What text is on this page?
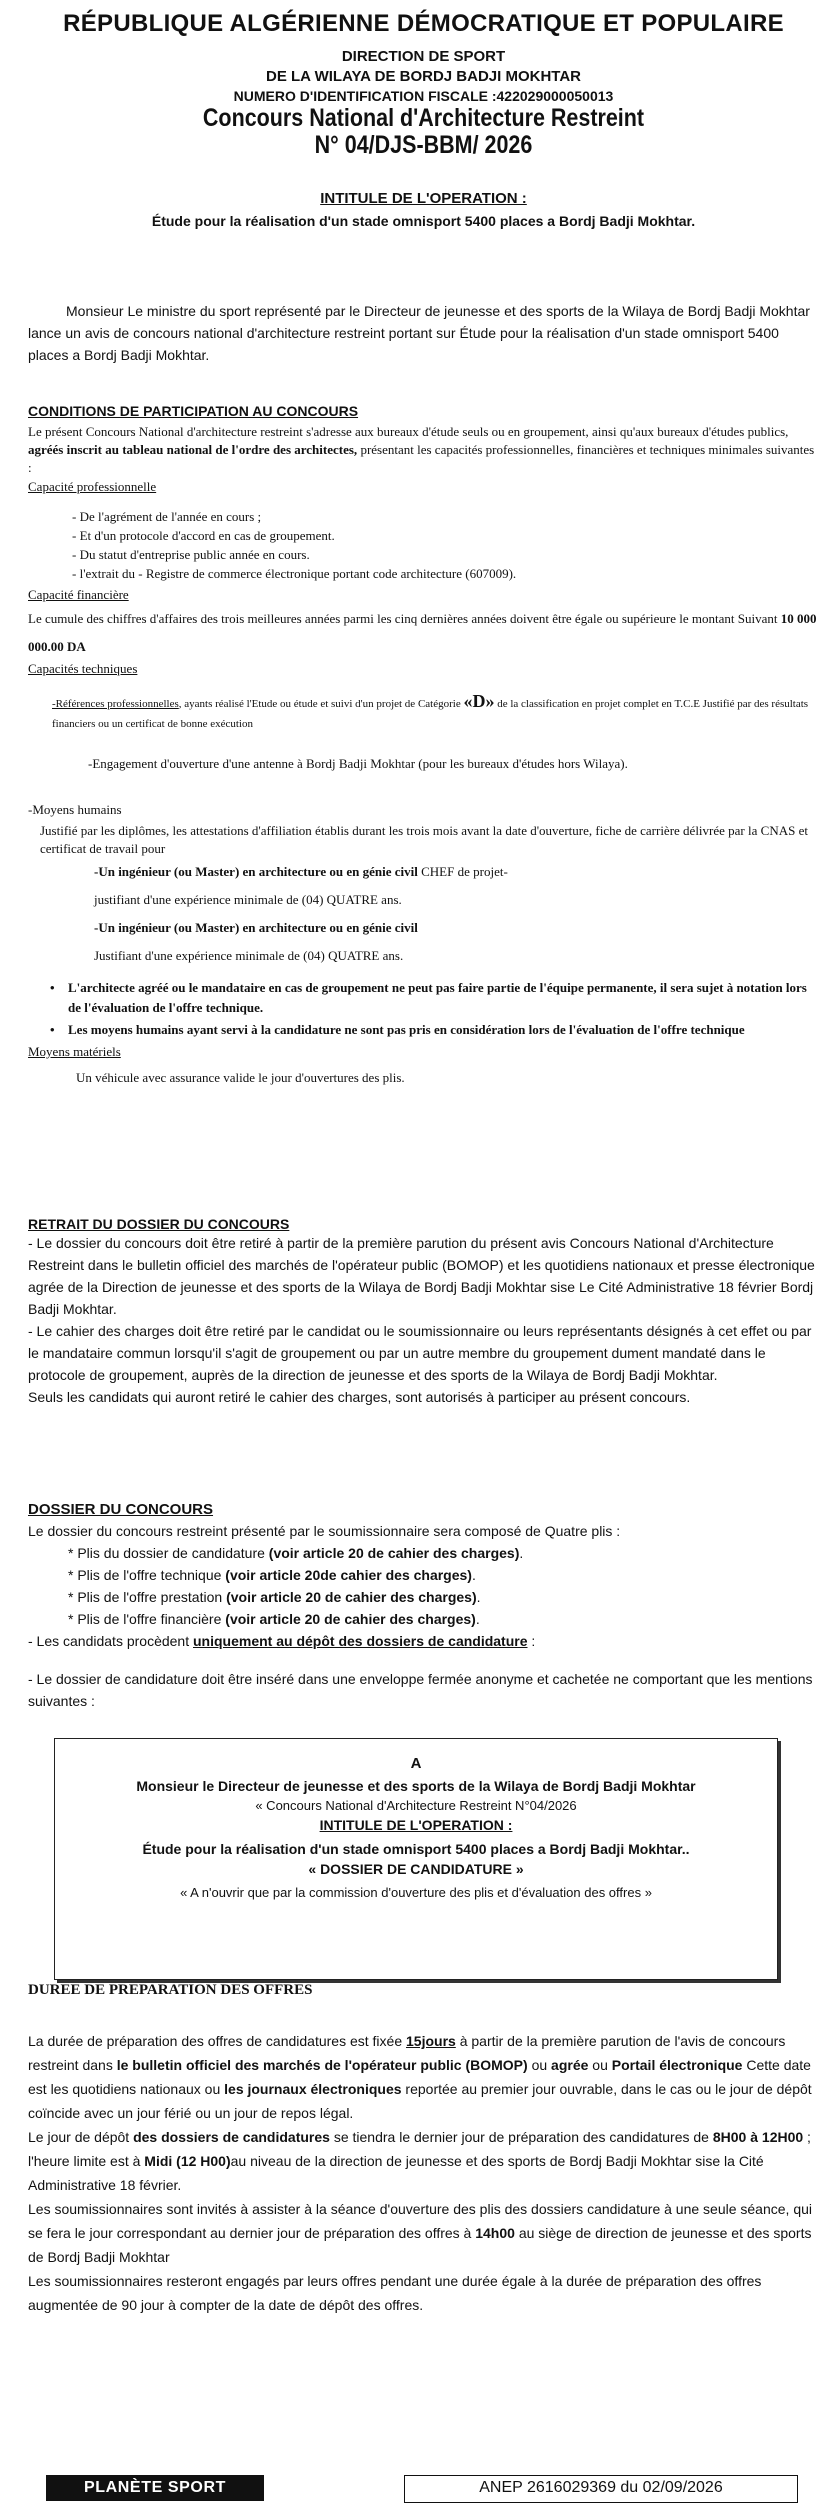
RÉPUBLIQUE ALGÉRIENNE DÉMOCRATIQUE ET POPULAIRE
DIRECTION DE SPORT
DE LA WILAYA DE BORDJ BADJI MOKHTAR
NUMERO D'IDENTIFICATION FISCALE :422029000050013
Concours National d'Architecture Restreint
N° 04/DJS-BBM/ 2026
INTITULE DE L'OPERATION :
Étude pour la réalisation d'un stade omnisport 5400 places a Bordj Badji Mokhtar.
Monsieur Le ministre du sport représenté par le Directeur de jeunesse et des sports de la Wilaya de Bordj Badji Mokhtar lance un avis de concours national d'architecture restreint portant sur Étude pour la réalisation d'un stade omnisport 5400 places a Bordj Badji Mokhtar.
CONDITIONS DE PARTICIPATION AU CONCOURS

Le présent Concours National d'architecture restreint s'adresse aux bureaux d'étude seuls ou en groupement, ainsi qu'aux bureaux d'études publics, agréés inscrit au tableau national de l'ordre des architectes, présentant les capacités professionnelles, financières et techniques minimales suivantes :

Capacité professionnelle
- De l'agrément de l'année en cours ;
- Et d'un protocole d'accord en cas de groupement.
- Du statut d'entreprise public année en cours.
- l'extrait du - Registre de commerce électronique portant code architecture (607009).
Capacité financière

Le cumule des chiffres d'affaires des trois meilleures années parmi les cinq dernières années doivent être égale ou supérieure le montant Suivant 10 000 000.00 DA

Capacités techniques

-Références professionnelles, ayants réalisé l'Etude ou étude et suivi d'un projet de Catégorie «D» de la classification en projet complet en T.C.E Justifié par des résultats financiers ou un certificat de bonne exécution

-Engagement d'ouverture d'une antenne à Bordj Badji Mokhtar (pour les bureaux d'études hors Wilaya).

-Moyens humains

Justifié par les diplômes, les attestations d'affiliation établis durant les trois mois avant la date d'ouverture, fiche de carrière délivrée par la CNAS et certificat de travail pour

-Un ingénieur (ou Master) en architecture ou en génie civil CHEF de projet-

justifiant d'une expérience minimale de (04) QUATRE ans.

-Un ingénieur (ou Master) en architecture ou en génie civil

Justifiant d'une expérience minimale de (04) QUATRE ans.

• L'architecte agréé ou le mandataire en cas de groupement ne peut pas faire partie de l'équipe permanente, il sera sujet à notation lors de l'évaluation de l'offre technique.

• Les moyens humains ayant servi à la candidature ne sont pas pris en considération lors de l'évaluation de l'offre technique

Moyens matériels

Un véhicule avec assurance valide le jour d'ouvertures des plis.

RETRAIT DU DOSSIER DU CONCOURS

- Le dossier du concours doit être retiré à partir de la première parution du présent avis Concours National d'Architecture Restreint dans le bulletin officiel des marchés de l'opérateur public (BOMOP) et les quotidiens nationaux et presse électronique agrée de la Direction de jeunesse et des sports de la Wilaya de Bordj Badji Mokhtar sise Le Cité Administrative 18 février Bordj Badji Mokhtar.

- Le cahier des charges doit être retiré par le candidat ou le soumissionnaire ou leurs représentants désignés à cet effet ou par le mandataire commun lorsqu'il s'agit de groupement ou par un autre membre du groupement dument mandaté dans le protocole de groupement, auprès de la direction de jeunesse et des sports de la Wilaya de Bordj Badji Mokhtar.

Seuls les candidats qui auront retiré le cahier des charges, sont autorisés à participer au présent concours.

DOSSIER DU CONCOURS

Le dossier du concours restreint présenté par le soumissionnaire sera composé de Quatre plis :

* Plis du dossier de candidature (voir article 20 de cahier des charges).
* Plis de l'offre technique (voir article 20de cahier des charges).
* Plis de l'offre prestation (voir article 20 de cahier des charges).
* Plis de l'offre financière (voir article 20 de cahier des charges).

- Les candidats procèdent uniquement au dépôt des dossiers de candidature :

- Le dossier de candidature doit être inséré dans une enveloppe fermée anonyme et cachetée ne comportant que les mentions suivantes :

A
Monsieur le Directeur de jeunesse et des sports de la Wilaya de Bordj Badji Mokhtar
« Concours National d'Architecture Restreint N°04/2026
INTITULE DE L'OPERATION :
Étude pour la réalisation d'un stade omnisport 5400 places a Bordj Badji Mokhtar..
« DOSSIER DE CANDIDATURE »
« A n'ouvrir que par la commission d'ouverture des plis et d'évaluation des offres »
DUREE DE PREPARATION DES OFFRES

La durée de préparation des offres de candidatures est fixée 15jours à partir de la première parution de l'avis de concours restreint dans le bulletin officiel des marchés de l'opérateur public (BOMOP) ou agrée ou Portail électronique Cette date est les quotidiens nationaux ou les journaux électroniques reportée au premier jour ouvrable, dans le cas ou le jour de dépôt coïncide avec un jour férié ou un jour de repos légal.

Le jour de dépôt des dossiers de candidatures se tiendra le dernier jour de préparation des candidatures de 8H00 à 12H00 ; l'heure limite est à Midi (12 H00)au niveau de la direction de jeunesse et des sports de Bordj Badji Mokhtar sise la Cité Administrative 18 février.

Les soumissionnaires sont invités à assister à la séance d'ouverture des plis des dossiers candidature à une seule séance, qui se fera le jour correspondant au dernier jour de préparation des offres à 14h00 au siège de direction de jeunesse et des sports de Bordj Badji Mokhtar

Les soumissionnaires resteront engagés par leurs offres pendant une durée égale à la durée de préparation des offres augmentée de 90 jour à compter de la date de dépôt des offres.

PLANÈTE SPORT	ANEP 2616029369 du 02/09/2026
